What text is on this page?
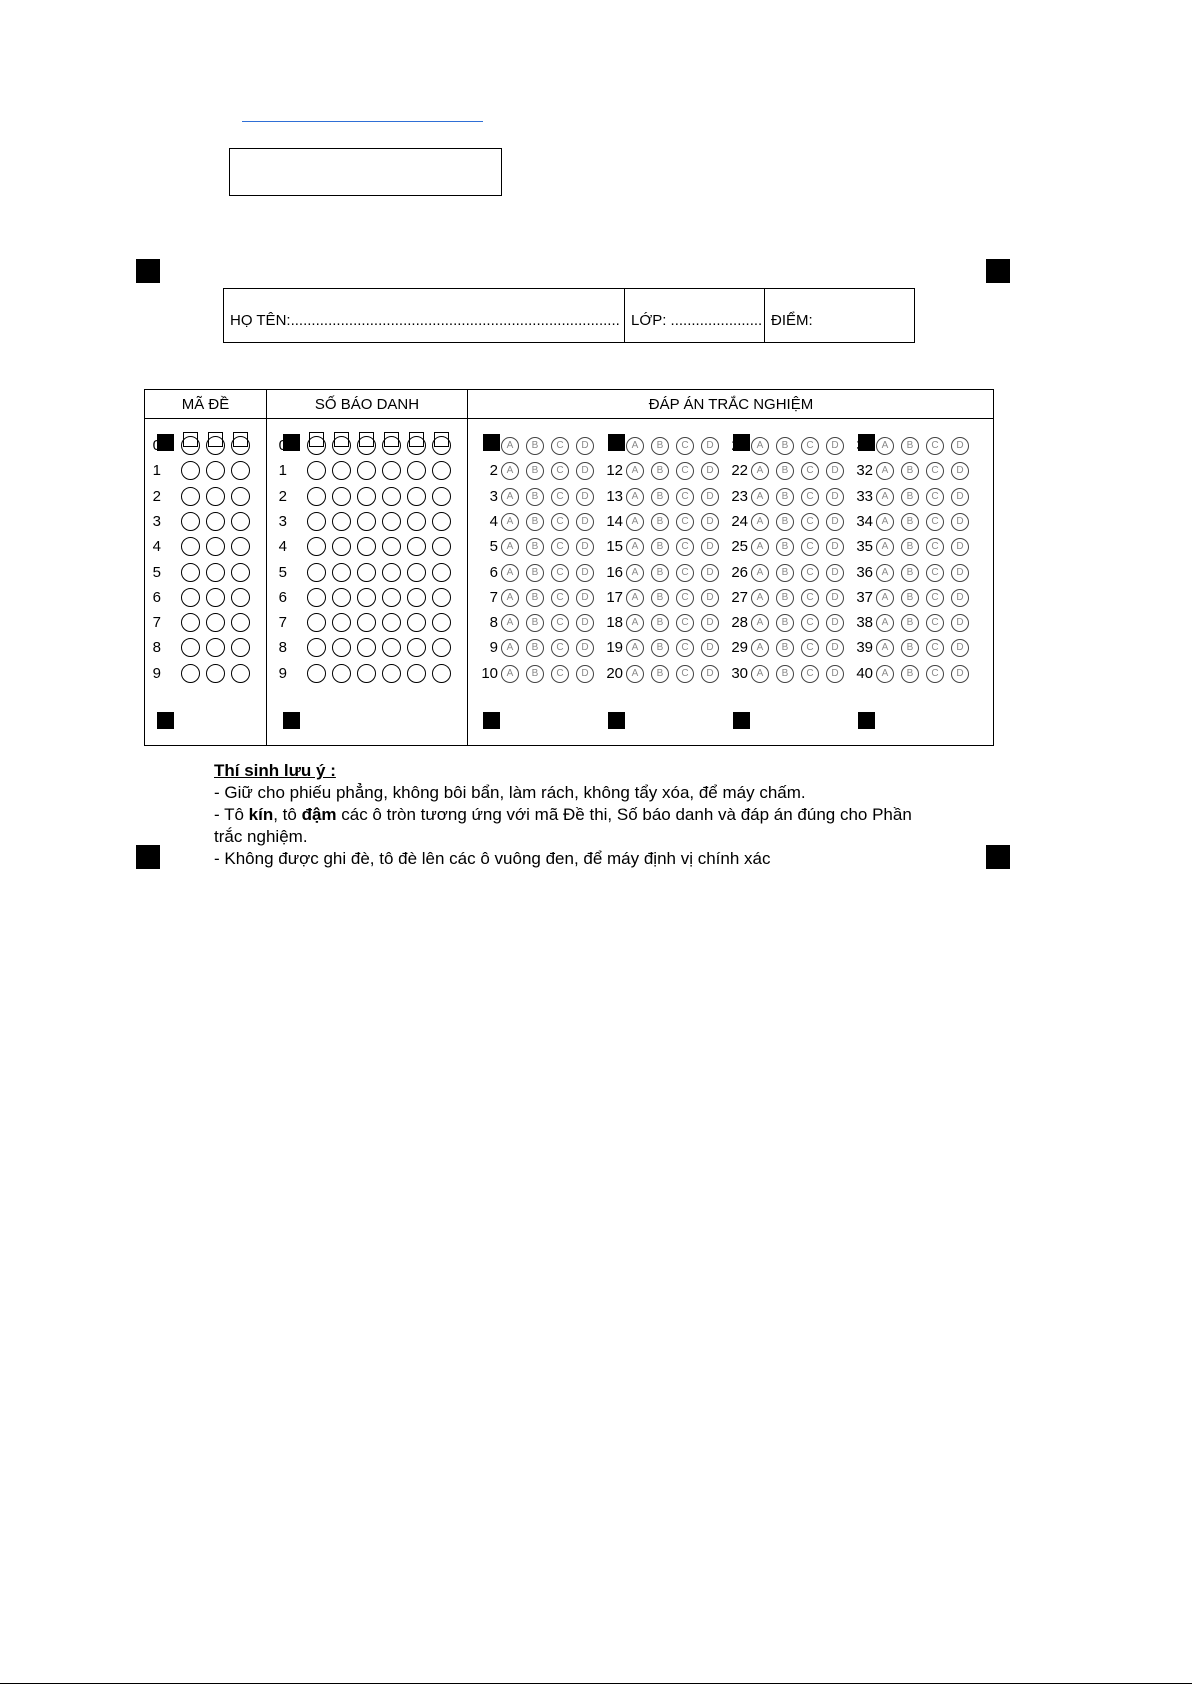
HỌ TÊN:............................................................................... LỚP: ...................... ĐIỂM:
MÃ ĐỀ	SỐ BÁO DANH	ĐÁP ÁN TRẮC NGHIỆM
0
1
2
3
4
5
6
7
8
9
0
1
2
3
4
5
6
7
8
9
1 A	B	C	D
2 A	B	C	D
3 A	B	C	D
4 A	B	C	D
5 A	B	C	D
6 A	B	C	D
7 A	B	C	D
8 A	B	C	D
9 A	B	C	D
10 A	B	C	D
11 A	B	C	D
12 A	B	C	D
13 A	B	C	D
14 A	B	C	D
15 A	B	C	D
16 A	B	C	D
17 A	B	C	D
18 A	B	C	D
19 A	B	C	D
20 A	B	C	D
21 A	B	C	D
22 A	B	C	D
23 A	B	C	D
24 A	B	C	D
25 A	B	C	D
26 A	B	C	D
27 A	B	C	D
28 A	B	C	D
29 A	B	C	D
30 A	B	C	D
31 A	B	C	D
32 A	B	C	D
33 A	B	C	D
34 A	B	C	D
35 A	B	C	D
36 A	B	C	D
37 A	B	C	D
38 A	B	C	D
39 A	B	C	D
40 A	B	C	D

Thí sinh lưu ý :

- Giữ cho phiếu phẳng, không bôi bẩn, làm rách, không tẩy xóa, để máy chấm.

- Tô kín, tô đậm các ô tròn tương ứng với mã Đề thi, Số báo danh và đáp án đúng cho Phần trắc nghiệm.

- Không được ghi đè, tô đè lên các ô vuông đen, để máy định vị chính xác
